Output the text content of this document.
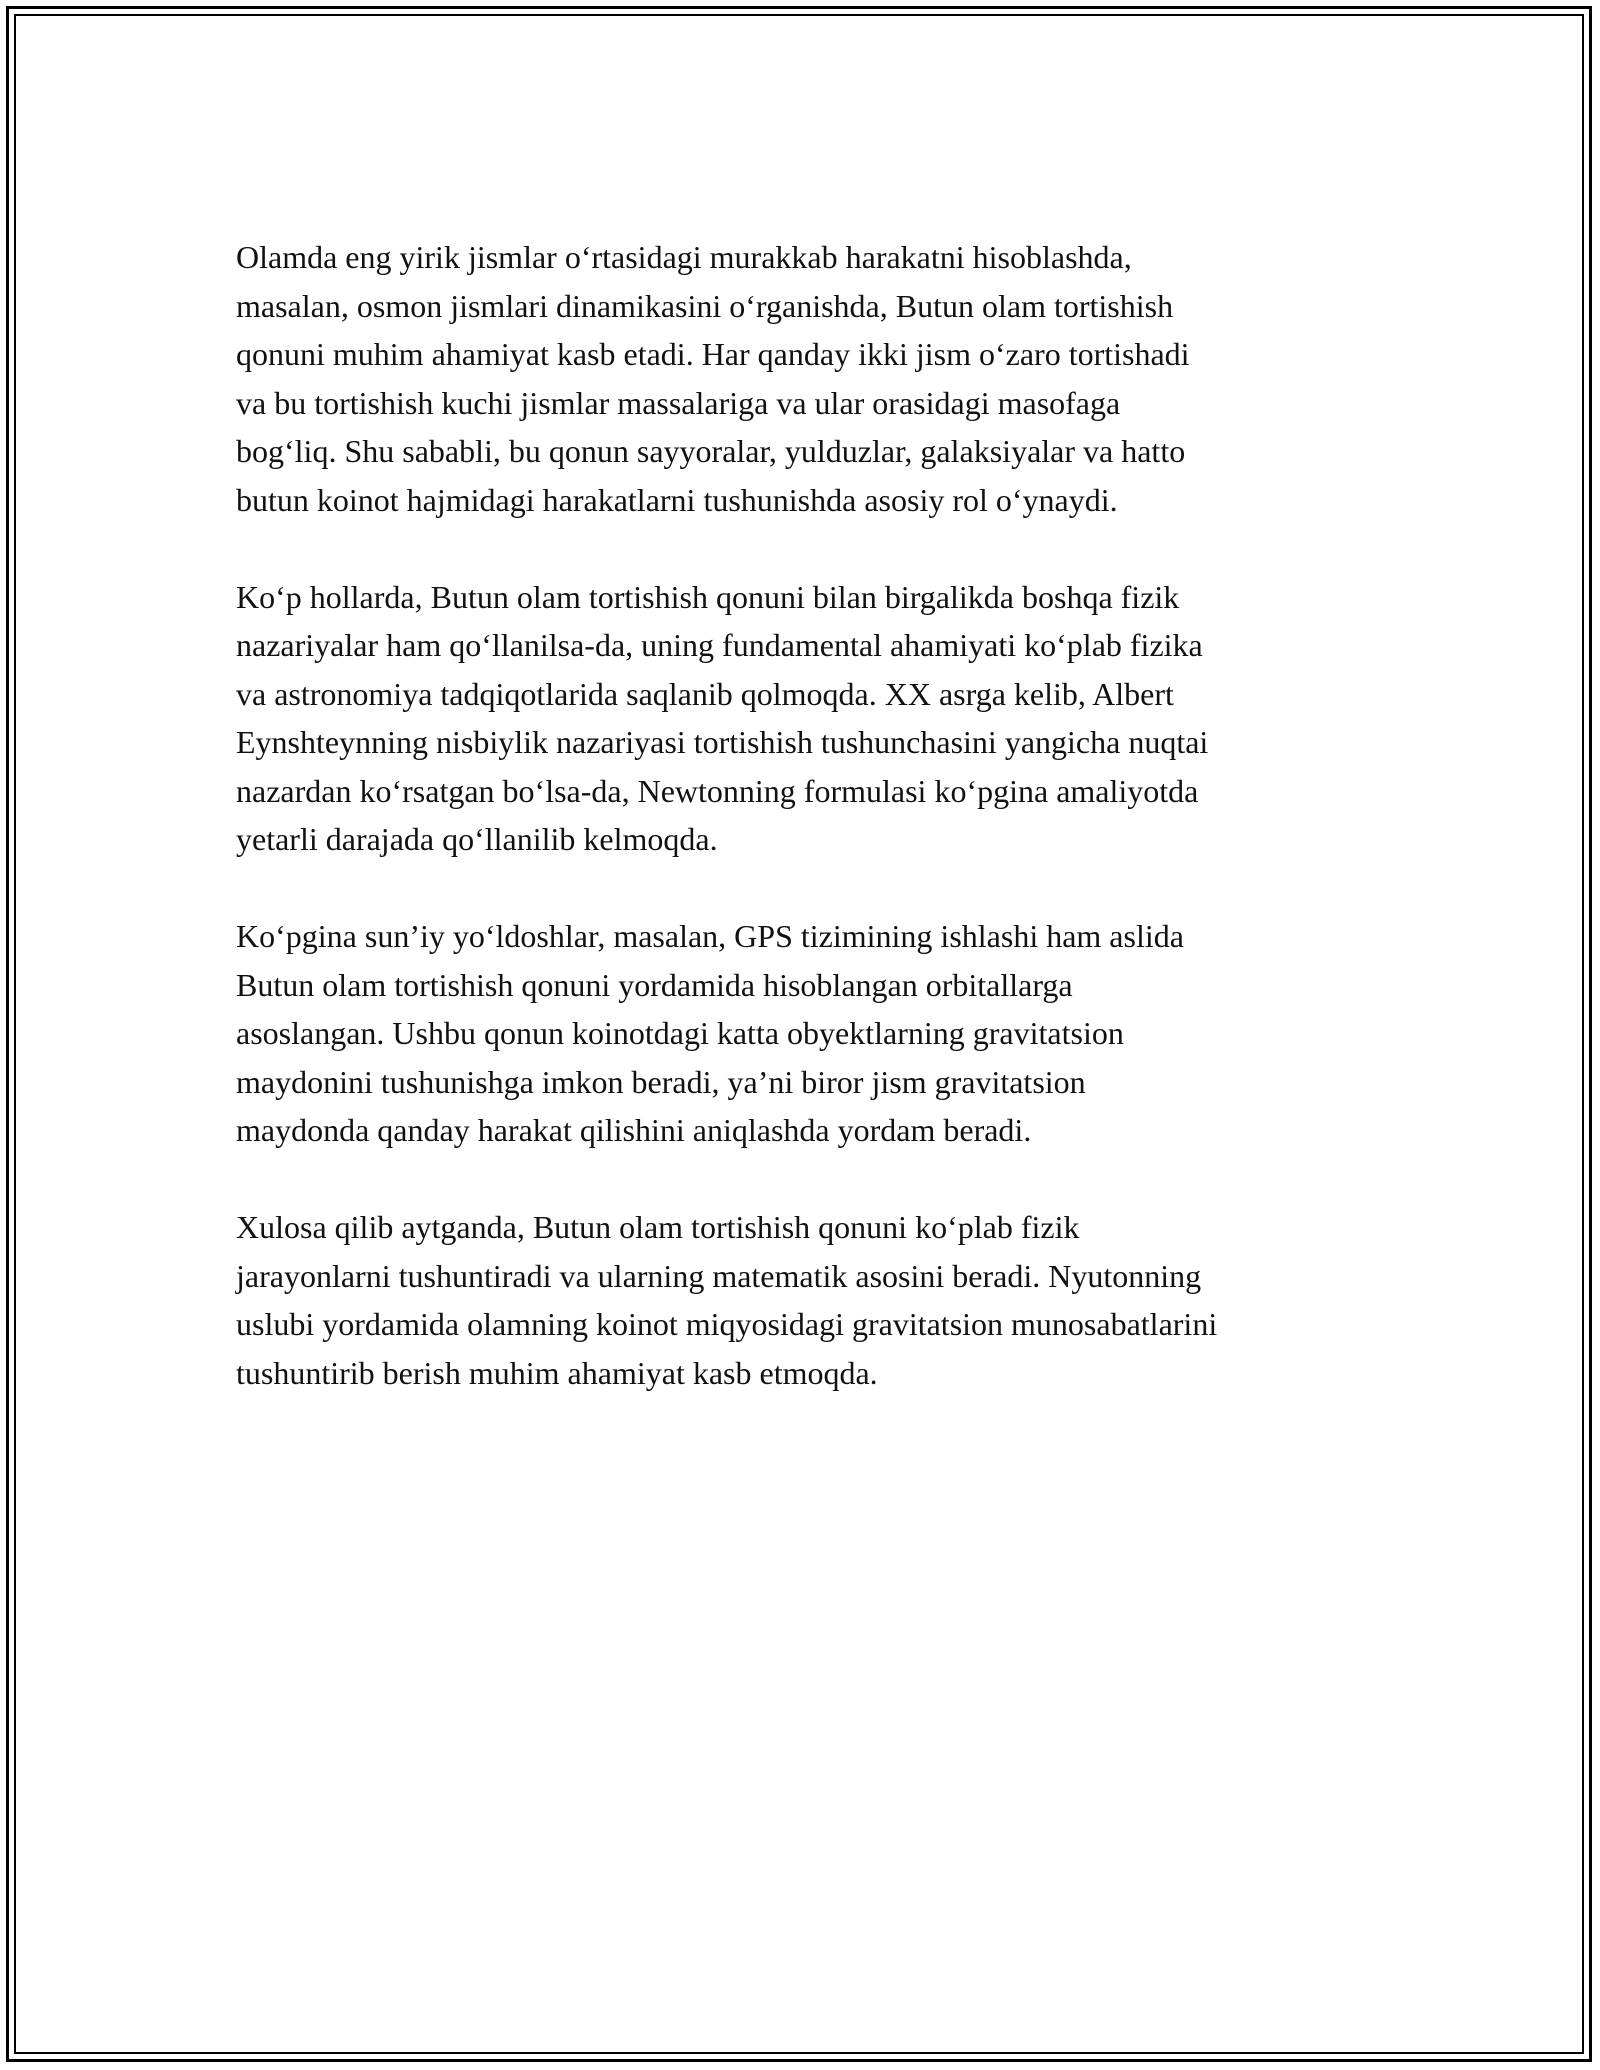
Olamda eng yirik jismlar o‘rtasidagi murakkab harakatni hisoblashda,
masalan, osmon jismlari dinamikasini o‘rganishda, Butun olam tortishish
qonuni muhim ahamiyat kasb etadi. Har qanday ikki jism o‘zaro tortishadi
va bu tortishish kuchi jismlar massalariga va ular orasidagi masofaga
bog‘liq. Shu sababli, bu qonun sayyoralar, yulduzlar, galaksiyalar va hatto
butun koinot hajmidagi harakatlarni tushunishda asosiy rol o‘ynaydi.

Ko‘p hollarda, Butun olam tortishish qonuni bilan birgalikda boshqa fizik
nazariyalar ham qo‘llanilsa-da, uning fundamental ahamiyati ko‘plab fizika
va astronomiya tadqiqotlarida saqlanib qolmoqda. XX asrga kelib, Albert
Eynshteynning nisbiylik nazariyasi tortishish tushunchasini yangicha nuqtai
nazardan ko‘rsatgan bo‘lsa-da, Newtonning formulasi ko‘pgina amaliyotda
yetarli darajada qo‘llanilib kelmoqda.

Ko‘pgina sun’iy yo‘ldoshlar, masalan, GPS tizimining ishlashi ham aslida
Butun olam tortishish qonuni yordamida hisoblangan orbitallarga
asoslangan. Ushbu qonun koinotdagi katta obyektlarning gravitatsion
maydonini tushunishga imkon beradi, ya’ni biror jism gravitatsion
maydonda qanday harakat qilishini aniqlashda yordam beradi.

Xulosa qilib aytganda, Butun olam tortishish qonuni ko‘plab fizik
jarayonlarni tushuntiradi va ularning matematik asosini beradi. Nyutonning
uslubi yordamida olamning koinot miqyosidagi gravitatsion munosabatlarini
tushuntirib berish muhim ahamiyat kasb etmoqda.
